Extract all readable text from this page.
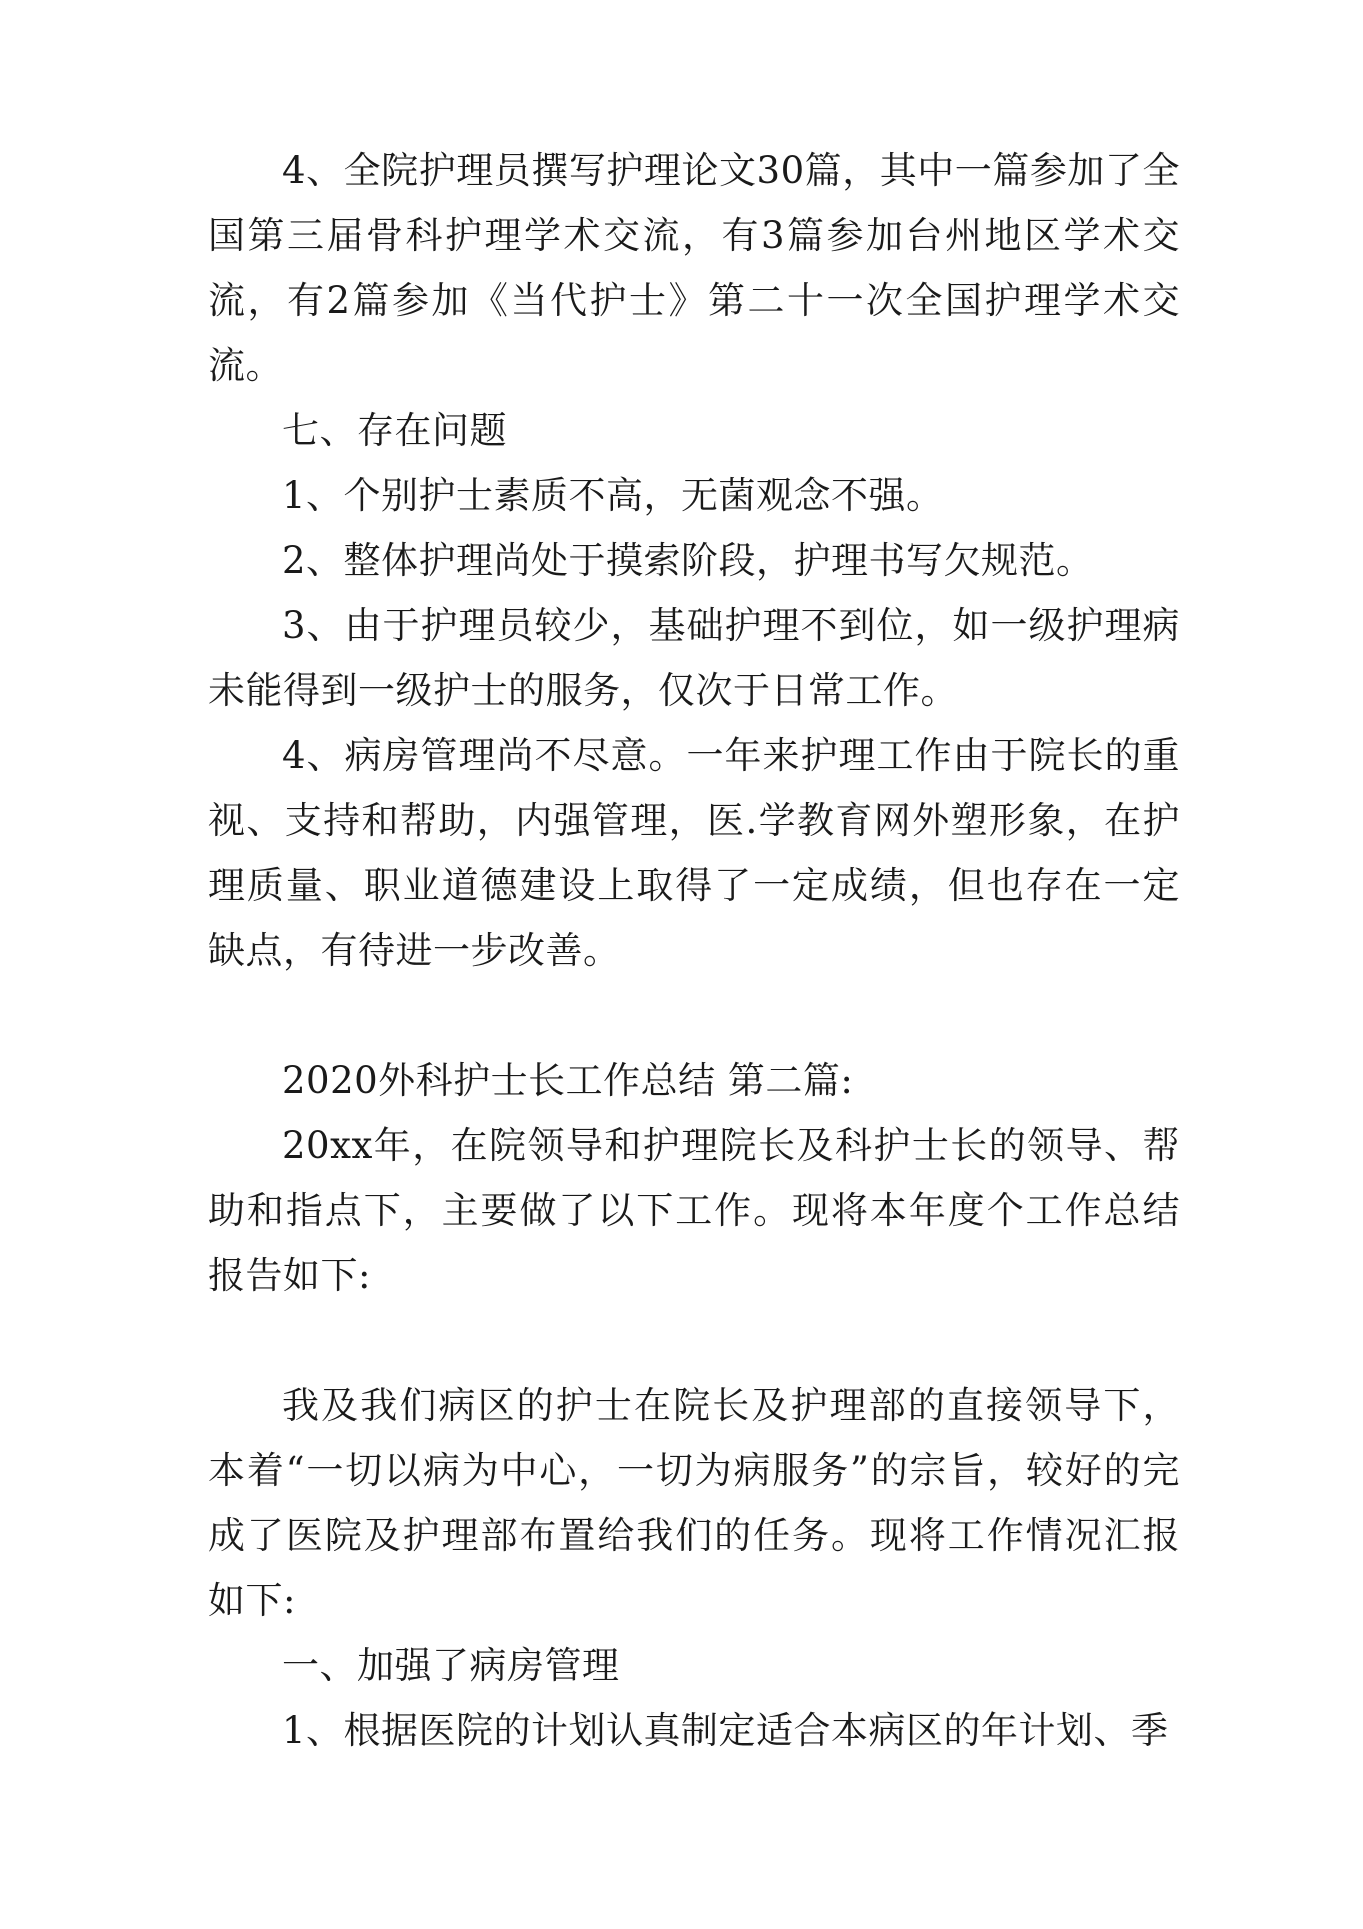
4、全院护理员撰写护理论文30篇，其中一篇参加了全国第三届骨科护理学术交流，有3篇参加台州地区学术交流，有2篇参加《当代护士》第二十一次全国护理学术交流。

七、存在问题

1、个别护士素质不高，无菌观念不强。

2、整体护理尚处于摸索阶段，护理书写欠规范。

3、由于护理员较少，基础护理不到位，如一级护理病未能得到一级护士的服务，仅次于日常工作。

4、病房管理尚不尽意。一年来护理工作由于院长的重视、支持和帮助，内强管理，医.学教育网外塑形象，在护理质量、职业道德建设上取得了一定成绩，但也存在一定缺点，有待进一步改善。

2020外科护士长工作总结 第二篇:

20xx年，在院领导和护理院长及科护士长的领导、帮助和指点下，主要做了以下工作。现将本年度个工作总结报告如下:

我及我们病区的护士在院长及护理部的直接领导下，本着“一切以病为中心，一切为病服务”的宗旨，较好的完成了医院及护理部布置给我们的任务。现将工作情况汇报如下:

一、加强了病房管理

1、根据医院的计划认真制定适合本病区的年计划、季
